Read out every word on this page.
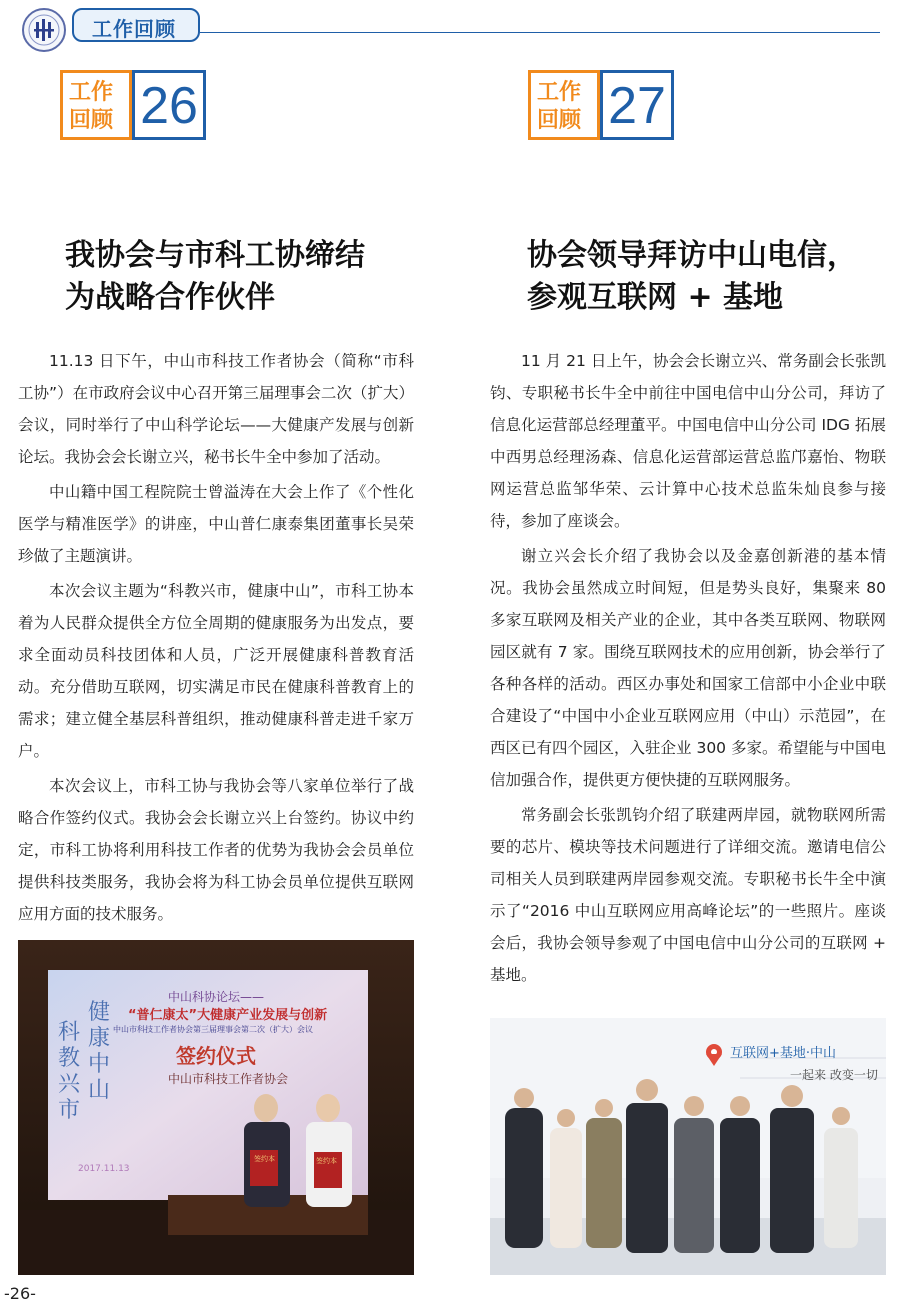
工作回顾
工作
回顾 26	工作
回顾 27
我协会与市科工协缔结
为战略合作伙伴
协会领导拜访中山电信，
参观互联网 + 基地

11.13 日下午，中山市科技工作者协会（简称“市科工协”）在市政府会议中心召开第三届理事会二次（扩大）会议，同时举行了中山科学论坛——大健康产发展与创新论坛。我协会会长谢立兴，秘书长牛全中参加了活动。

中山籍中国工程院院士曾溢涛在大会上作了《个性化医学与精准医学》的讲座，中山普仁康泰集团董事长吴荣珍做了主题演讲。

本次会议主题为“科教兴市，健康中山”，市科工协本着为人民群众提供全方位全周期的健康服务为出发点，要求全面动员科技团体和人员，广泛开展健康科普教育活动。充分借助互联网，切实满足市民在健康科普教育上的需求；建立健全基层科普组织，推动健康科普走进千家万户。

本次会议上，市科工协与我协会等八家单位举行了战略合作签约仪式。我协会会长谢立兴上台签约。协议中约定，市科工协将利用科技工作者的优势为我协会会员单位提供科技类服务，我协会将为科工协会员单位提供互联网应用方面的技术服务。

11 月 21 日上午，协会会长谢立兴、常务副会长张凯钧、专职秘书长牛全中前往中国电信中山分公司，拜访了信息化运营部总经理董平。中国电信中山分公司 IDG 拓展中西男总经理汤森、信息化运营部运营总监邝嘉怡、物联网运营总监邹华荣、云计算中心技术总监朱灿良参与接待，参加了座谈会。

谢立兴会长介绍了我协会以及金嘉创新港的基本情况。我协会虽然成立时间短，但是势头良好，集聚来 80 多家互联网及相关产业的企业，其中各类互联网、物联网园区就有 7 家。围绕互联网技术的应用创新，协会举行了各种各样的活动。西区办事处和国家工信部中小企业中联合建设了“中国中小企业互联网应用（中山）示范园”，在西区已有四个园区，入驻企业 300 多家。希望能与中国电信加强合作，提供更方便快捷的互联网服务。

常务副会长张凯钧介绍了联建两岸园，就物联网所需要的芯片、模块等技术问题进行了详细交流。邀请电信公司相关人员到联建两岸园参观交流。专职秘书长牛全中演示了“2016 中山互联网应用高峰论坛”的一些照片。座谈会后，我协会领导参观了中国电信中山分公司的互联网 + 基地。

中山科协论坛——
“普仁康太”大健康产业发展与创新
中山市科技工作者协会第三届理事会第二次（扩大）会议
签约仪式
中山市科技工作者协会
科教兴市
健康中山
2017.11.13
签约本	签约本
互联网+基地·中山
一起来 改变一切
-26-
